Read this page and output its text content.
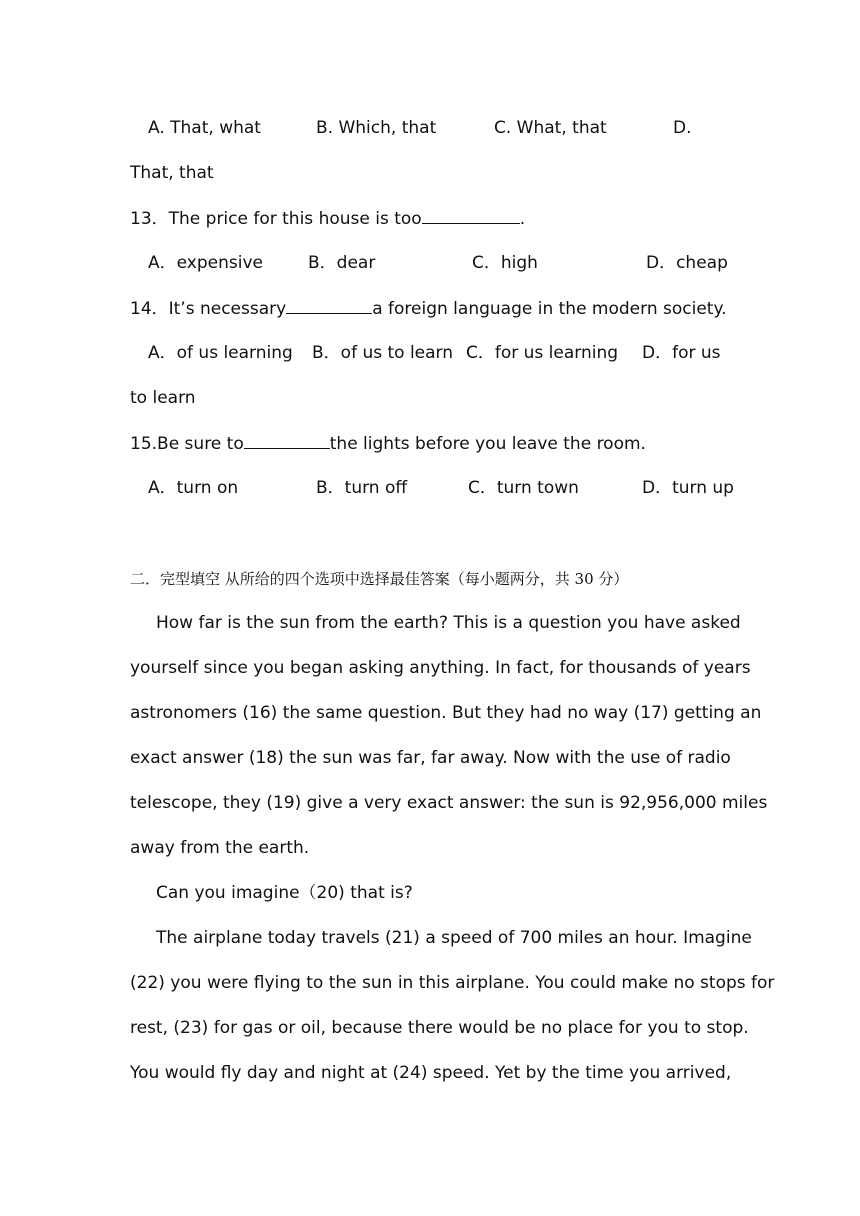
A. That, what	B. Which, that	C. What, that	D.
That, that
13．The price for this house is too	.
A．expensive	B．dear	C．high	D．cheap
14．It’s necessary	a foreign language in the modern society.
A．of us learning B．of us to learn C．for us learning D．for us
to learn
15.Be sure to	the lights before you leave the room.
A．turn on	B．turn off	C．turn town	D．turn up
二．完型填空 从所给的四个选项中选择最佳答案（每小题两分，共 30 分）
How far is the sun from the earth? This is a question you have asked
yourself since you began asking anything. In fact, for thousands of years
astronomers (16) the same question. But they had no way (17) getting an
exact answer (18) the sun was far, far away. Now with the use of radio
telescope, they (19) give a very exact answer: the sun is 92,956,000 miles
away from the earth.
Can you imagine（20) that is?
The airplane today travels (21) a speed of 700 miles an hour. Imagine
(22) you were flying to the sun in this airplane. You could make no stops for
rest, (23) for gas or oil, because there would be no place for you to stop.
You would fly day and night at (24) speed. Yet by the time you arrived,
